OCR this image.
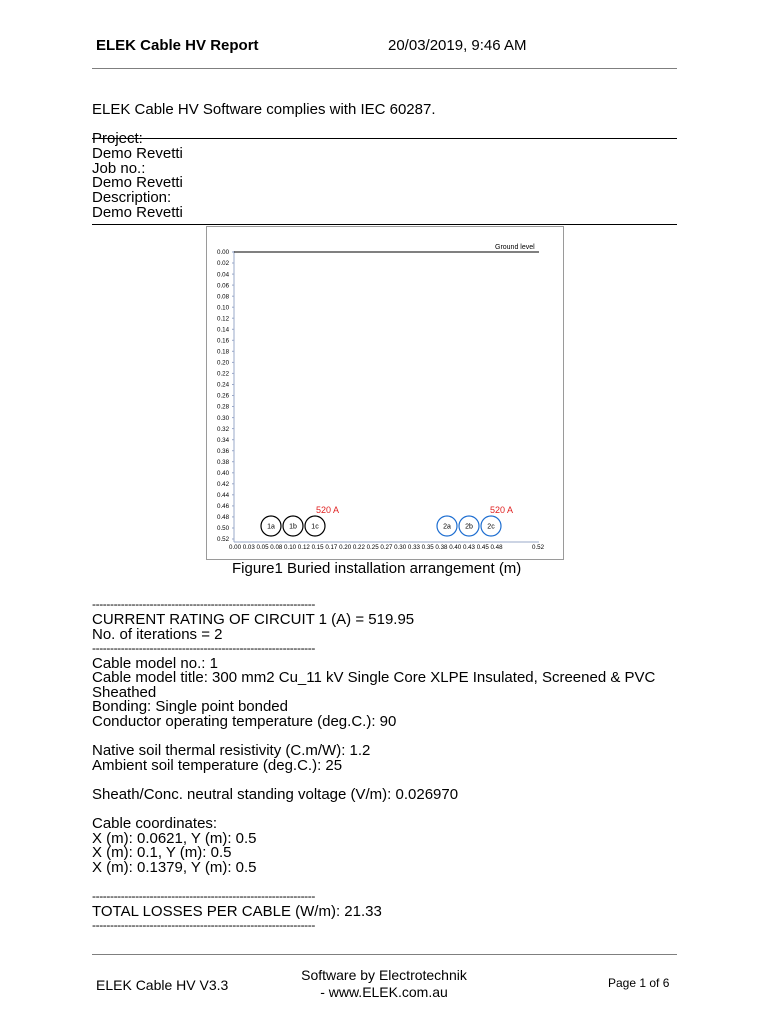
ELEK Cable HV Report	20/03/2019, 9:46 AM
ELEK Cable HV Software complies with IEC 60287.
Project:
Demo Revetti
Job no.:
Demo Revetti
Description:
Demo Revetti
Ground level
0.00
0.02
0.04
0.06
0.08
0.10
0.12
0.14
0.16
0.18
0.20
0.22
0.24
0.26
0.28
0.30
0.32
0.34
0.36
0.38
0.40
0.42
0.44
0.46
0.48
0.50
0.52
0.00 0.03 0.05 0.08 0.10 0.12 0.15 0.17 0.20 0.22 0.25 0.27 0.30 0.33 0.35 0.38 0.40 0.43 0.45 0.48	0.52
520 A	520 A
1a 1b 1c	2a 2b 2c
Figure1 Buried installation arrangement (m)
--------------------------------------------------------------
CURRENT RATING OF CIRCUIT 1 (A) = 519.95
No. of iterations = 2
--------------------------------------------------------------
Cable model no.: 1
Cable model title: 300 mm2 Cu_11 kV Single Core XLPE Insulated, Screened & PVC
Sheathed
Bonding: Single point bonded
Conductor operating temperature (deg.C.): 90
Native soil thermal resistivity (C.m/W): 1.2
Ambient soil temperature (deg.C.): 25
Sheath/Conc. neutral standing voltage (V/m): 0.026970
Cable coordinates:
X (m): 0.0621, Y (m): 0.5
X (m): 0.1, Y (m): 0.5
X (m): 0.1379, Y (m): 0.5
--------------------------------------------------------------
TOTAL LOSSES PER CABLE (W/m): 21.33
--------------------------------------------------------------
ELEK Cable HV V3.3
Software by Electrotechnik
- www.ELEK.com.au
Page 1 of 6
